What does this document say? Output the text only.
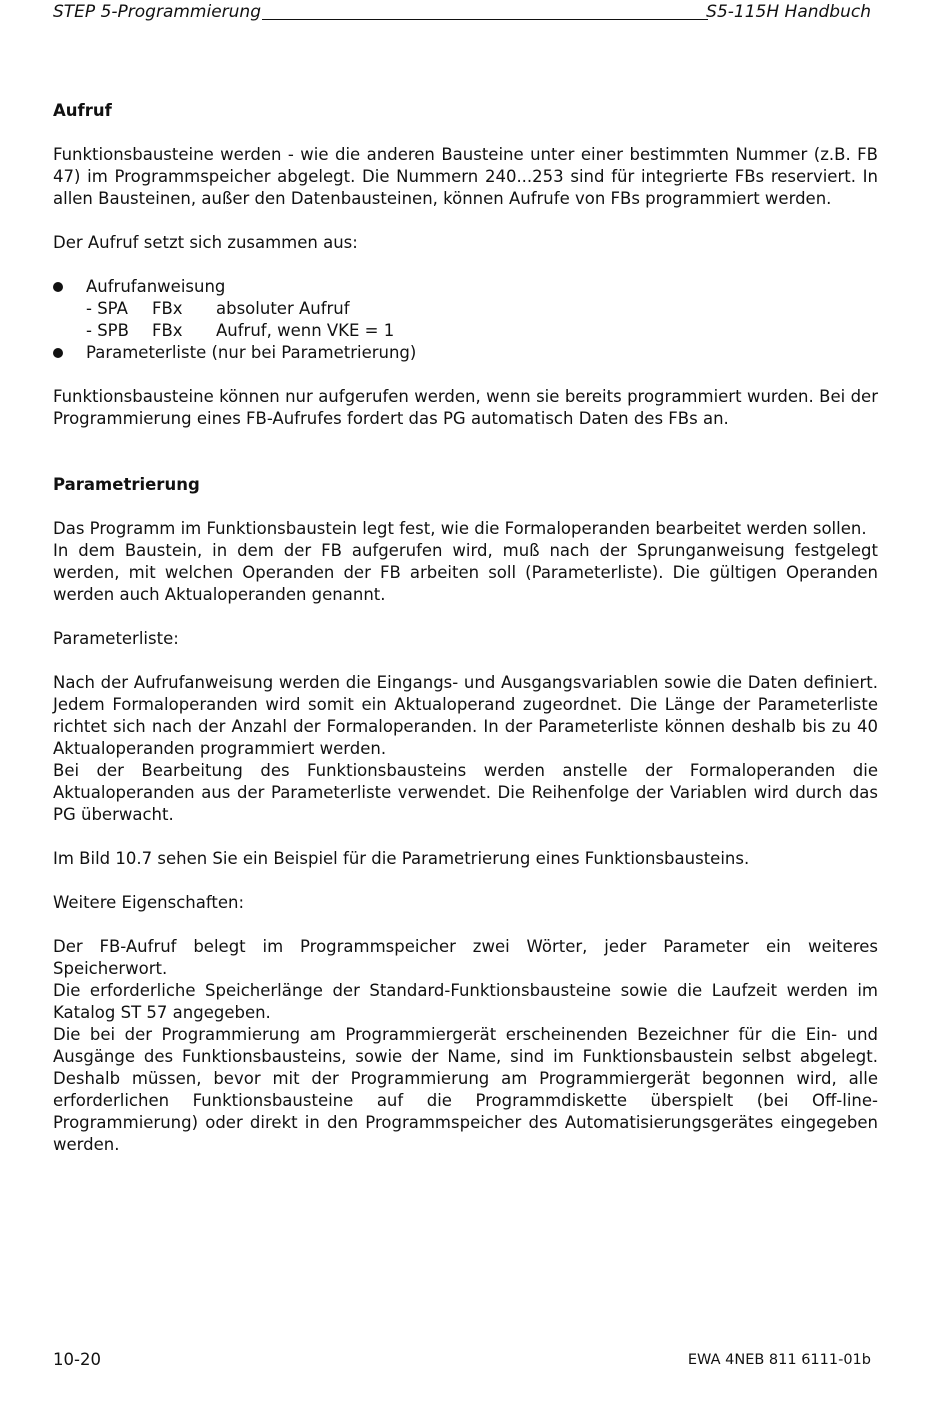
STEP 5-Programmierung	S5-115H Handbuch
Aufruf

Funktionsbausteine werden - wie die anderen Bausteine unter einer bestimmten Nummer (z.B. FB 47) im Programmspeicher abgelegt. Die Nummern 240...253 sind für integrierte FBs reserviert. In allen Bausteinen, außer den Datenbausteinen, können Aufrufe von FBs programmiert werden.

Der Aufruf setzt sich zusammen aus:

Aufrufanweisung
- SPA	FBx	absoluter Aufruf
- SPB	FBx	Aufruf, wenn VKE = 1
Parameterliste (nur bei Parametrierung)

Funktionsbausteine können nur aufgerufen werden, wenn sie bereits programmiert wurden. Bei der Programmierung eines FB-Aufrufes fordert das PG automatisch Daten des FBs an.

Parametrierung

Das Programm im Funktionsbaustein legt fest, wie die Formaloperanden bearbeitet werden sollen.

In dem Baustein, in dem der FB aufgerufen wird, muß nach der Sprunganweisung festgelegt werden, mit welchen Operanden der FB arbeiten soll (Parameterliste). Die gültigen Operanden werden auch Aktualoperanden genannt.

Parameterliste:

Nach der Aufrufanweisung werden die Eingangs- und Ausgangsvariablen sowie die Daten definiert. Jedem Formaloperanden wird somit ein Aktualoperand zugeordnet. Die Länge der Parameterliste richtet sich nach der Anzahl der Formaloperanden. In der Parameterliste können deshalb bis zu 40 Aktualoperanden programmiert werden.

Bei der Bearbeitung des Funktionsbausteins werden anstelle der Formaloperanden die Aktualoperanden aus der Parameterliste verwendet. Die Reihenfolge der Variablen wird durch das PG überwacht.

Im Bild 10.7 sehen Sie ein Beispiel für die Parametrierung eines Funktionsbausteins.

Weitere Eigenschaften:

Der FB-Aufruf belegt im Programmspeicher zwei Wörter, jeder Parameter ein weiteres Speicherwort.

Die erforderliche Speicherlänge der Standard-Funktionsbausteine sowie die Laufzeit werden im Katalog ST 57 angegeben.

Die bei der Programmierung am Programmiergerät erscheinenden Bezeichner für die Ein- und Ausgänge des Funktionsbausteins, sowie der Name, sind im Funktionsbaustein selbst abgelegt. Deshalb müssen, bevor mit der Programmierung am Programmiergerät begonnen wird, alle erforderlichen Funktionsbausteine auf die Programmdiskette überspielt (bei Off-line-Programmierung) oder direkt in den Programmspeicher des Automatisierungsgerätes eingegeben werden.

10-20	EWA 4NEB 811 6111-01b
